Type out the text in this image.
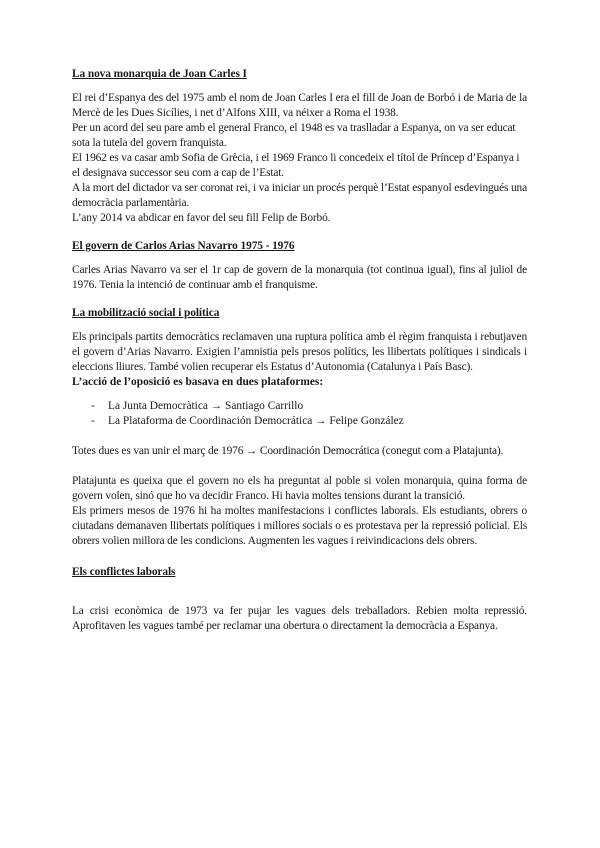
La nova monarquia de Joan Carles I

El rei d’Espanya des del 1975 amb el nom de Joan Carles I era el fill de Joan de Borbó i de Maria de la Mercè de les Dues Sicílies, i net d’Alfons XIII, va néixer a Roma el 1938.

Per un acord del seu pare amb el general Franco, el 1948 es va traslladar a Espanya, on va ser educat sota la tutela del govern franquista.

El 1962 es va casar amb Sofia de Grècia, i el 1969 Franco li concedeix el títol de Príncep d’Espanya i el designava successor seu com a cap de l’Estat.

A la mort del dictador va ser coronat rei, i va iniciar un procés perquè l’Estat espanyol esdevingués una democràcia parlamentària.

L’any 2014 va abdicar en favor del seu fill Felip de Borbó.

El govern de Carlos Arias Navarro 1975 - 1976

Carles Arias Navarro va ser el 1r cap de govern de la monarquia (tot continua igual), fins al juliol de 1976. Tenia la intenció de continuar amb el franquisme.

La mobilització social i política

Els principals partits democràtics reclamaven una ruptura política amb el règim franquista i rebutjaven el govern d’Arias Navarro. Exigien l’amnistia pels presos polítics, les llibertats polítiques i sindicals i eleccions lliures. També volien recuperar els Estatus d’Autonomia (Catalunya i País Basc).

L’acció de l’oposició es basava en dues plataformes:

- La Junta Democràtica → Santiago Carrillo
- La Plataforma de Coordinación Democrática → Felipe González

Totes dues es van unir el març de 1976 → Coordinación Democrática (conegut com a Platajunta).

Platajunta es queixa que el govern no els ha preguntat al poble si volen monarquia, quina forma de govern volen, sinó que ho va decidir Franco. Hi havia moltes tensions durant la transició.

Els primers mesos de 1976 hi ha moltes manifestacions i conflictes laborals. Els estudiants, obrers o ciutadans demanaven llibertats polítiques i millores socials o es protestava per la repressió policial. Els obrers volien millora de les condicions. Augmenten les vagues i reivindicacions dels obrers.

Els conflictes laborals

La crisi econòmica de 1973 va fer pujar les vagues dels treballadors. Rebien molta repressió. Aprofitaven les vagues també per reclamar una obertura o directament la democràcia a Espanya.
